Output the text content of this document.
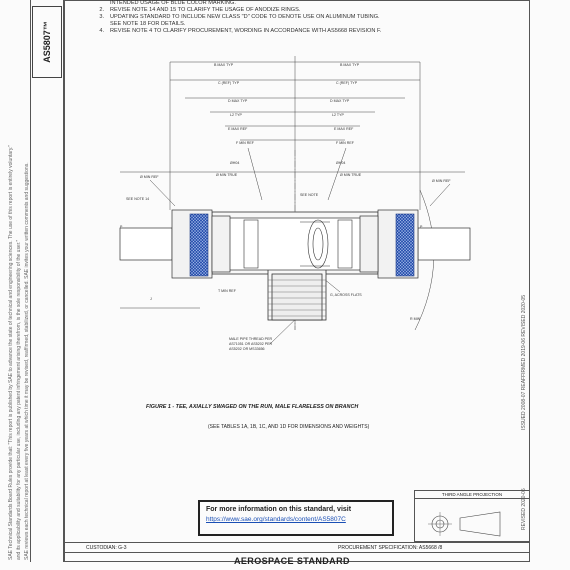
AS5807™
SAE Technical Standards Board Rules provide that: "This report is published by SAE to advance the state of technical and engineering sciences. The use of this report is entirely voluntary." and its applicability and suitability for any particular use, including any patent infringement arising therefrom, is the sole responsibility of the user." SAE reviews each technical report at least every five years at which time it may be revised, reaffirmed, stabilized, or cancelled. SAE invites your written comments and suggestions.
INTENDED USAGE OF BLUE COLOR MARKING.
2. REVISE NOTE 14 AND 15 TO CLARIFY THE USAGE OF ANODIZE RINGS.
3. UPDATING STANDARD TO INCLUDE NEW CLASS "D" CODE TO DENOTE USE ON ALUMINUM TUBING.
SEE NOTE 18 FOR DETAILS.
4. REVISE NOTE 4 TO CLARIFY PROCUREMENT, WORDING IN ACCORDANCE WITH AS5668 REVISION F.
B MAX TYP	B MAX TYP
C (REF) TYP	C (REF) TYP
D MAX TYP	D MAX TYP
L2 TYP	L2 TYP
E MAX REF	E MAX REF
F MIN REF	F MIN REF
ØH04	ØH04
Ø MIN TRUE	Ø MIN TRUE
SEE NOTE
Ø MIN REF
Ø MIN REF
SEE NOTE 14
P	P
T MIN REF
G, ACROSS FLATS
R MIN
J
MALE PIPE THREAD PER
AS71051 OR AS5202 PER
AS5202 OR MS33656
FIGURE 1 - TEE, AXIALLY SWAGED ON THE RUN, MALE FLARELESS ON BRANCH
(SEE TABLES 1A, 1B, 1C, AND 1D FOR DIMENSIONS AND WEIGHTS)
For more information on this standard, visit
https://www.sae.org/standards/content/AS5807C
THIRD ANGLE PROJECTION
ISSUED 2008-07 REAFFIRMED 2019-06 REVISED 2020-05
REVISED 2020-05
CUSTODIAN: G-3	PROCUREMENT SPECIFICATION: AS5668 /8
AEROSPACE STANDARD
